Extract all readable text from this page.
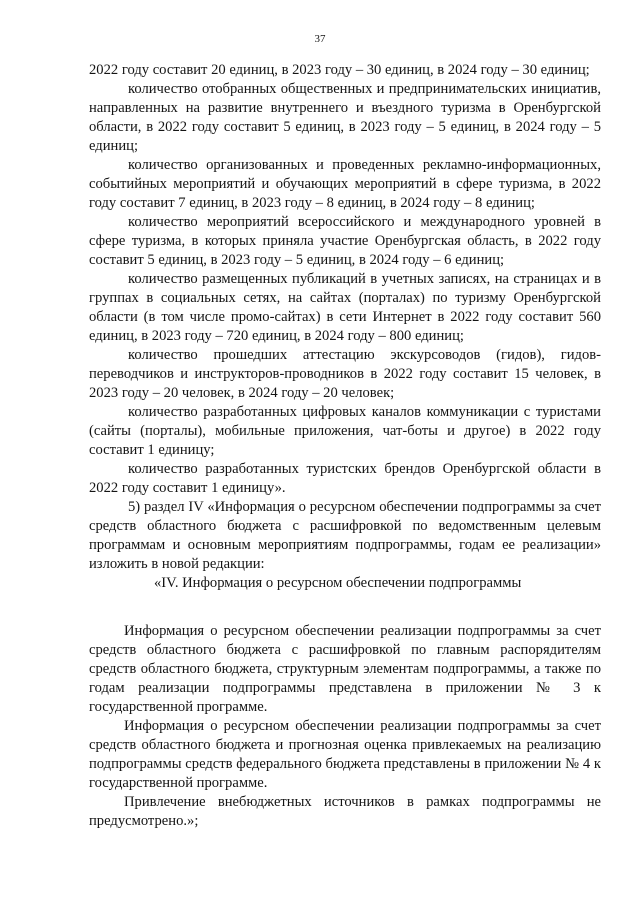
37

2022 году составит 20 единиц, в 2023 году – 30 единиц, в 2024 году – 30 единиц;

количество отобранных общественных и предпринимательских инициатив, направленных на развитие внутреннего и въездного туризма в Оренбургской области, в 2022 году составит 5 единиц, в 2023 году – 5 единиц, в 2024 году – 5 единиц;

количество организованных и проведенных рекламно-информационных, событийных мероприятий и обучающих мероприятий в сфере туризма, в 2022 году составит 7 единиц, в 2023 году – 8 единиц, в 2024 году – 8 единиц;

количество мероприятий всероссийского и международного уровней в сфере туризма, в которых приняла участие Оренбургская область, в 2022 году составит 5 единиц, в 2023 году – 5 единиц, в 2024 году – 6 единиц;

количество размещенных публикаций в учетных записях, на страницах и в группах в социальных сетях, на сайтах (порталах) по туризму Оренбургской области (в том числе промо-сайтах) в сети Интернет в 2022 году составит 560 единиц, в 2023 году – 720 единиц, в 2024 году – 800 единиц;

количество прошедших аттестацию экскурсоводов (гидов), гидов-переводчиков и инструкторов-проводников в 2022 году составит 15 человек, в 2023 году – 20 человек, в 2024 году – 20 человек;

количество разработанных цифровых каналов коммуникации с туристами (сайты (порталы), мобильные приложения, чат-боты и другое) в 2022 году составит 1 единицу;

количество разработанных туристских брендов Оренбургской области в 2022 году составит 1 единицу».

5) раздел IV «Информация о ресурсном обеспечении подпрограммы за счет средств областного бюджета с расшифровкой по ведомственным целевым программам и основным мероприятиям подпрограммы, годам ее реализации» изложить в новой редакции:

«IV. Информация о ресурсном обеспечении подпрограммы

Информация о ресурсном обеспечении реализации подпрограммы за счет средств областного бюджета с расшифровкой по главным распорядителям средств областного бюджета, структурным элементам подпрограммы, а также по годам реализации подпрограммы представлена в приложении № 3 к государственной программе.

Информация о ресурсном обеспечении реализации подпрограммы за счет средств областного бюджета и прогнозная оценка привлекаемых на реализацию подпрограммы средств федерального бюджета представлены в приложении № 4 к государственной программе.

Привлечение внебюджетных источников в рамках подпрограммы не предусмотрено.»;
